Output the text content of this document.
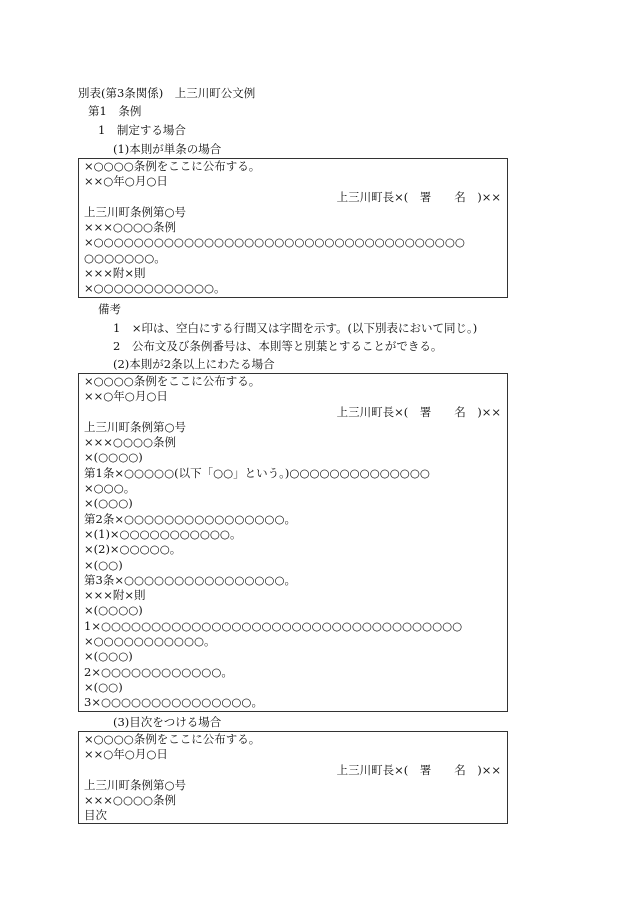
別表(第3条関係)　上三川町公文例
第1　条例
1　制定する場合
(1)本則が単条の場合
×○○○○条例をここに公布する。
××○年○月○日
上三川町長×(　署　　名　)××
上三川町条例第○号
×××○○○○条例
×○○○○○○○○○○○○○○○○○○○○○○○○○○○○○○○○○○○○○
○○○○○○○。
×××附×則
×○○○○○○○○○○○○。
備考
1　×印は、空白にする行間又は字間を示す。(以下別表において同じ。)
2　公布文及び条例番号は、本則等と別葉とすることができる。
(2)本則が2条以上にわたる場合
×○○○○条例をここに公布する。
××○年○月○日
上三川町長×(　署　　名　)××
上三川町条例第○号
×××○○○○条例
×(○○○○)
第1条×○○○○○(以下「○○」という。)○○○○○○○○○○○○○○
×○○○。
×(○○○)
第2条×○○○○○○○○○○○○○○○○。
×(1)×○○○○○○○○○○○。
×(2)×○○○○○。
×(○○)
第3条×○○○○○○○○○○○○○○○○。
×××附×則
×(○○○○)
1×○○○○○○○○○○○○○○○○○○○○○○○○○○○○○○○○○○○○
×○○○○○○○○○○○。
×(○○○)
2×○○○○○○○○○○○○。
×(○○)
3×○○○○○○○○○○○○○○○。
(3)目次をつける場合
×○○○○条例をここに公布する。
××○年○月○日
上三川町長×(　署　　名　)××
上三川町条例第○号
×××○○○○条例
目次
